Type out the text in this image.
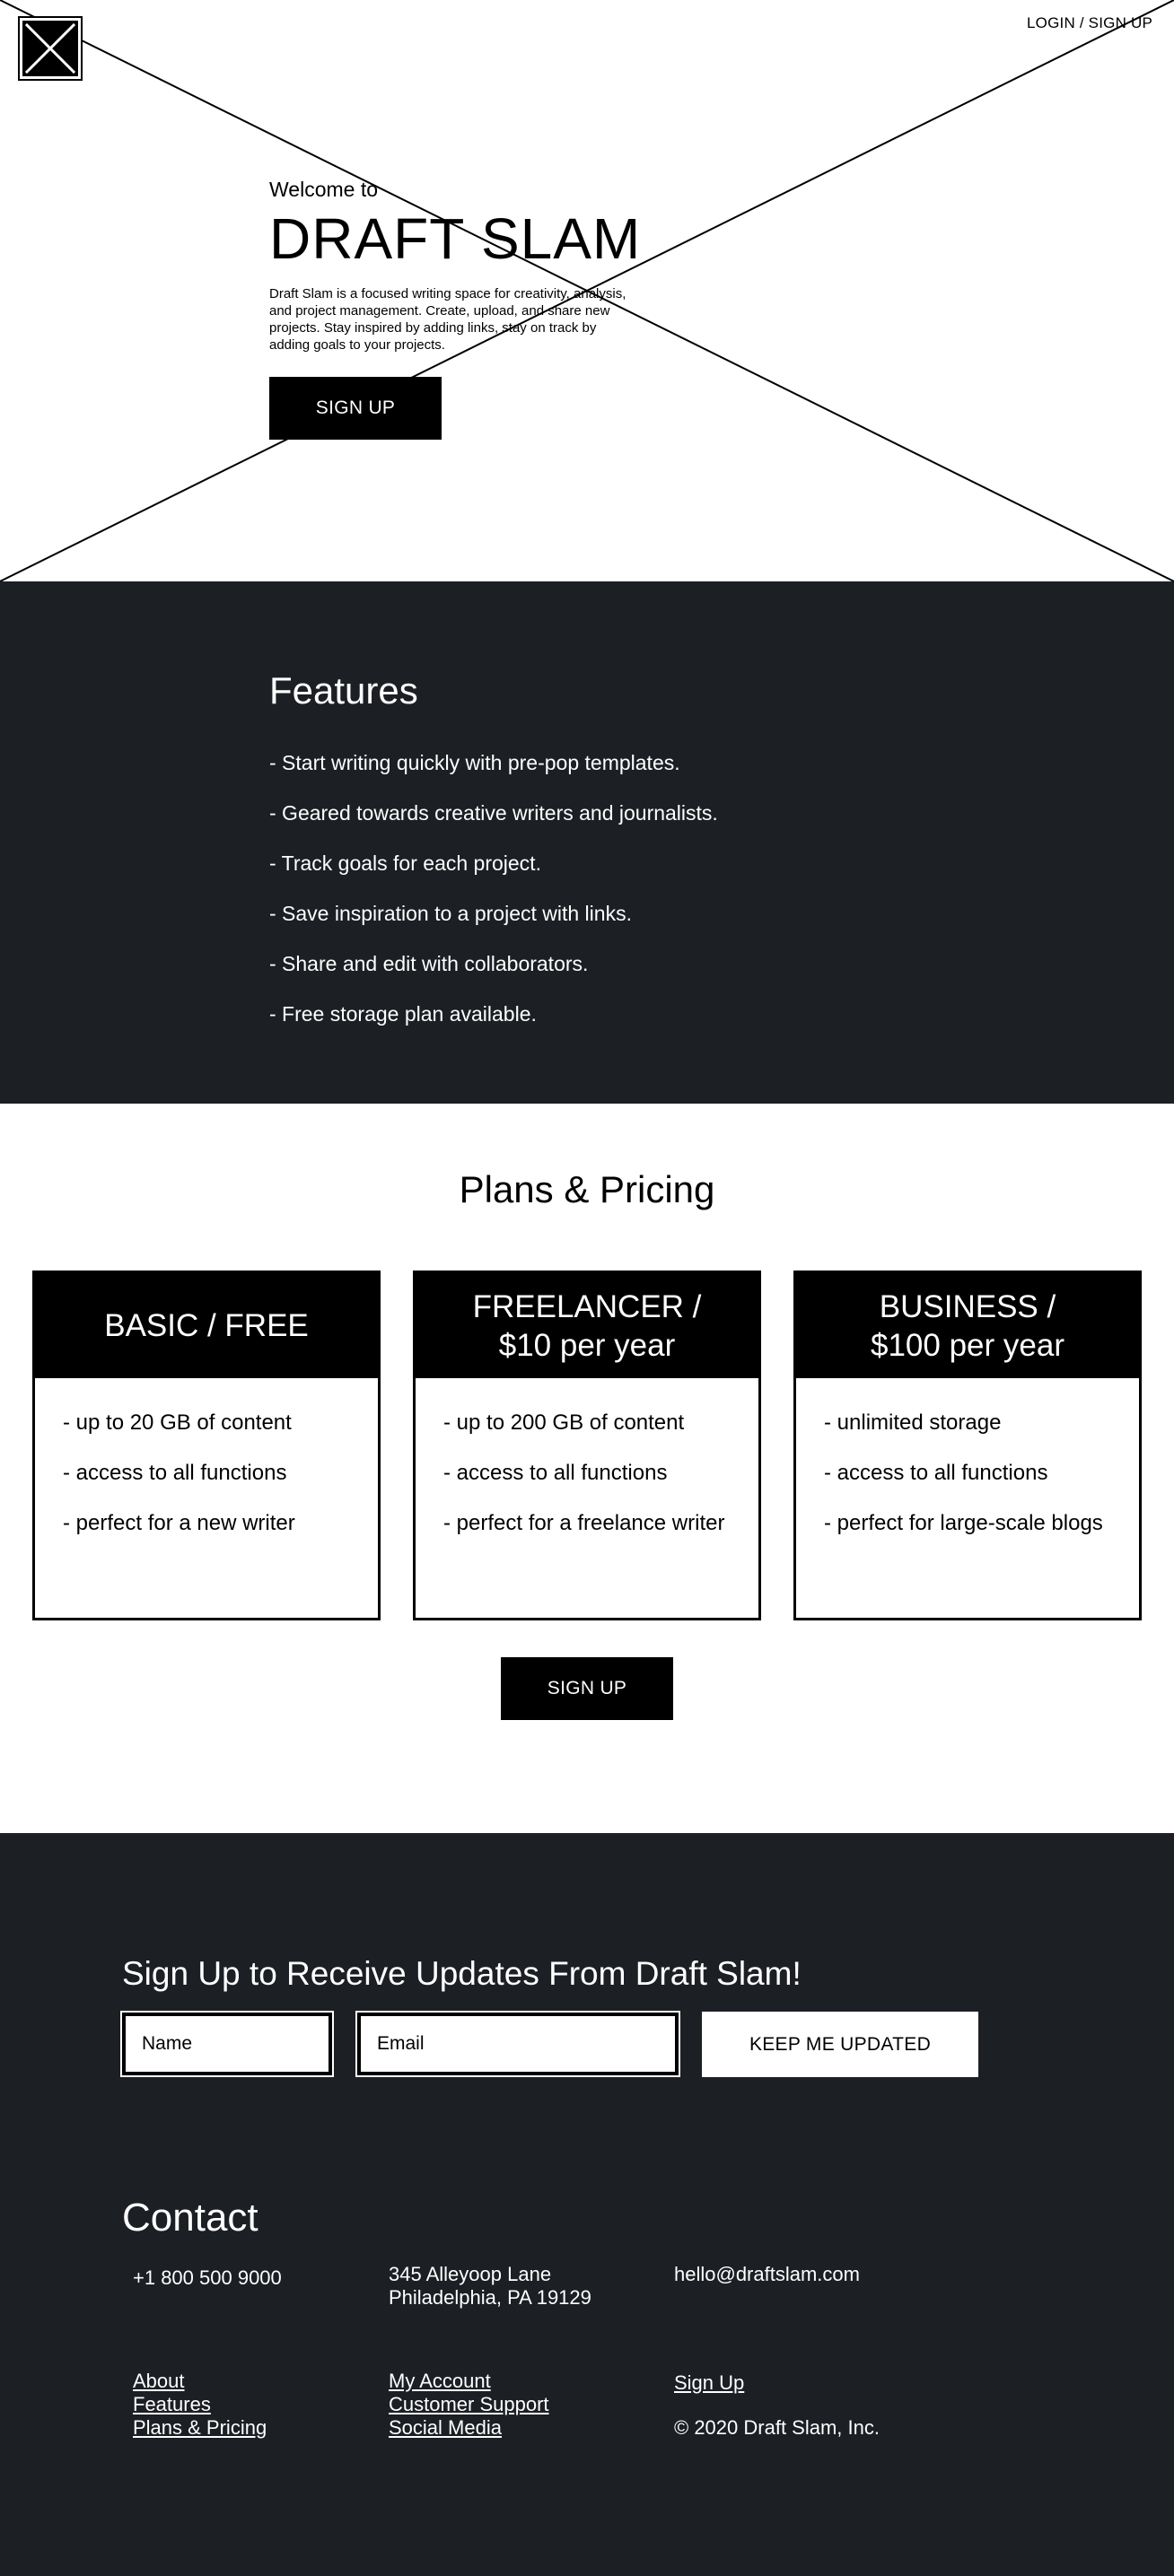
LOGIN / SIGN UP
Welcome to
DRAFT SLAM

Draft Slam is a focused writing space for creativity, analysis, and project management. Create, upload, and share new projects. Stay inspired by adding links, stay on track by adding goals to your projects.

SIGN UP
Features
- Start writing quickly with pre-pop templates.
- Geared towards creative writers and journalists.
- Track goals for each project.
- Save inspiration to a project with links.
- Share and edit with collaborators.
- Free storage plan available.
Plans & Pricing
BASIC / FREE
- up to 20 GB of content
- access to all functions
- perfect for a new writer
FREELANCER /
$10 per year
- up to 200 GB of content
- access to all functions
- perfect for a freelance writer
BUSINESS /
$100 per year
- unlimited storage
- access to all functions
- perfect for large-scale blogs
SIGN UP
Sign Up to Receive Updates From Draft Slam!
Name
Email
KEEP ME UPDATED
Contact
+1 800 500 9000	345 Alleyoop Lane
Philadelphia, PA 19129
hello@draftslam.com
About
Features
Plans & Pricing
My Account
Customer Support
Social Media
Sign Up
© 2020 Draft Slam, Inc.
